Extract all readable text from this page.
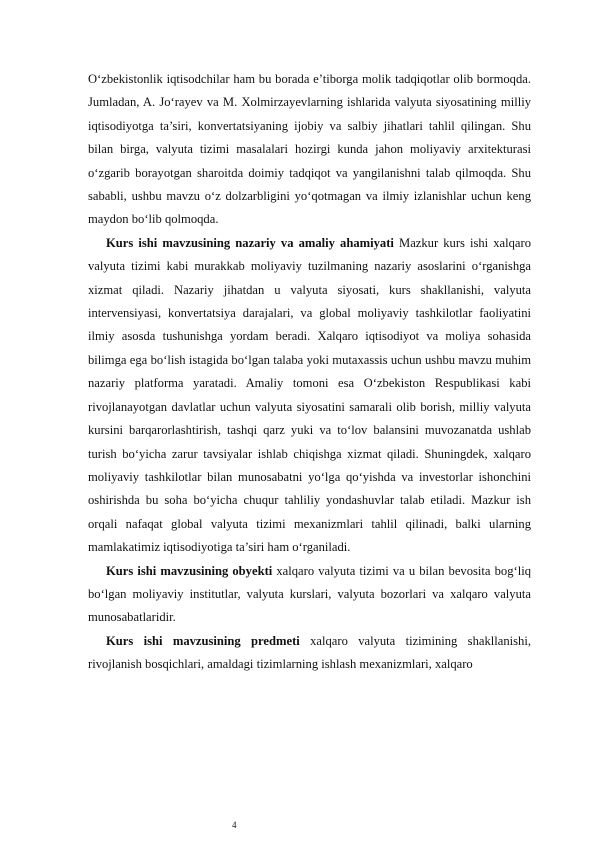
O‘zbekistonlik iqtisodchilar ham bu borada e’tiborga molik tadqiqotlar olib bormoqda. Jumladan, A. Jo‘rayev va M. Xolmirzayevlarning ishlarida valyuta siyosatining milliy iqtisodiyotga ta’siri, konvertatsiyaning ijobiy va salbiy jihatlari tahlil qilingan. Shu bilan birga, valyuta tizimi masalalari hozirgi kunda jahon moliyaviy arxitekturasi o‘zgarib borayotgan sharoitda doimiy tadqiqot va yangilanishni talab qilmoqda. Shu sababli, ushbu mavzu o‘z dolzarbligini yo‘qotmagan va ilmiy izlanishlar uchun keng maydon bo‘lib qolmoqda.

Kurs ishi mavzusining nazariy va amaliy ahamiyati Mazkur kurs ishi xalqaro valyuta tizimi kabi murakkab moliyaviy tuzilmaning nazariy asoslarini o‘rganishga xizmat qiladi. Nazariy jihatdan u valyuta siyosati, kurs shakllanishi, valyuta intervensiyasi, konvertatsiya darajalari, va global moliyaviy tashkilotlar faoliyatini ilmiy asosda tushunishga yordam beradi. Xalqaro iqtisodiyot va moliya sohasida bilimga ega bo‘lish istagida bo‘lgan talaba yoki mutaxassis uchun ushbu mavzu muhim nazariy platforma yaratadi. Amaliy tomoni esa O‘zbekiston Respublikasi kabi rivojlanayotgan davlatlar uchun valyuta siyosatini samarali olib borish, milliy valyuta kursini barqarorlashtirish, tashqi qarz yuki va to‘lov balansini muvozanatda ushlab turish bo‘yicha zarur tavsiyalar ishlab chiqishga xizmat qiladi. Shuningdek, xalqaro moliyaviy tashkilotlar bilan munosabatni yo‘lga qo‘yishda va investorlar ishonchini oshirishda bu soha bo‘yicha chuqur tahliliy yondashuvlar talab etiladi. Mazkur ish orqali nafaqat global valyuta tizimi mexanizmlari tahlil qilinadi, balki ularning mamlakatimiz iqtisodiyotiga ta’siri ham o‘rganiladi.

Kurs ishi mavzusining obyekti xalqaro valyuta tizimi va u bilan bevosita bog‘liq bo‘lgan moliyaviy institutlar, valyuta kurslari, valyuta bozorlari va xalqaro valyuta munosabatlaridir.

Kurs ishi mavzusining predmeti xalqaro valyuta tizimining shakllanishi, rivojlanish bosqichlari, amaldagi tizimlarning ishlash mexanizmlari, xalqaro

4
